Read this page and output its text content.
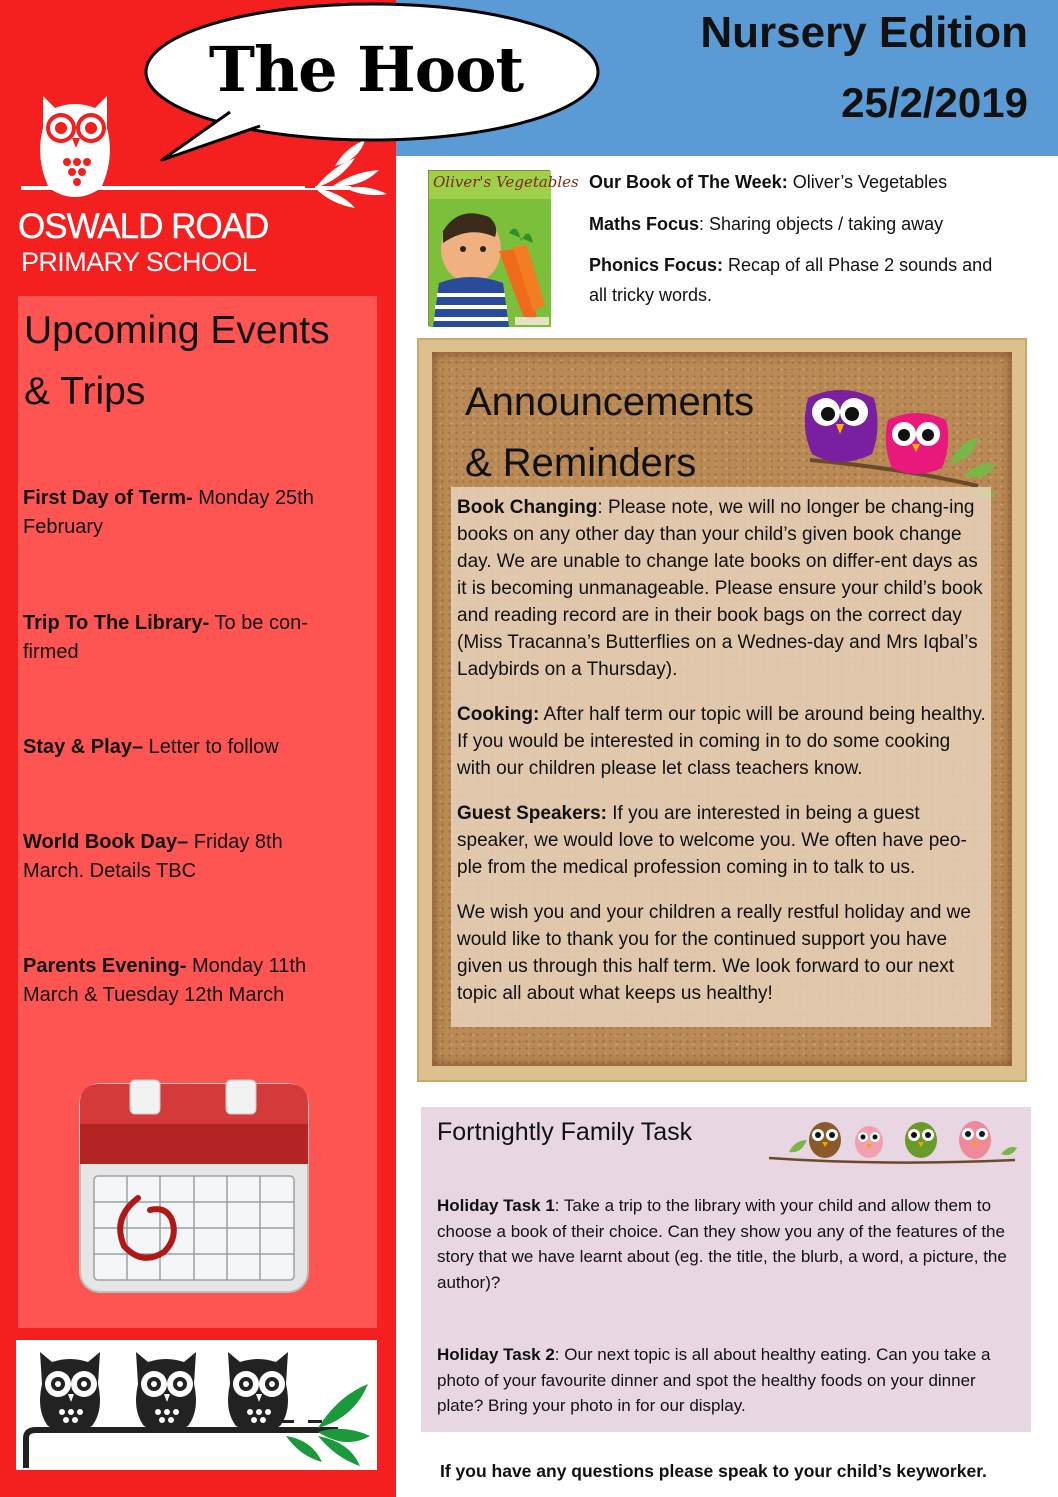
OSWALD ROAD
PRIMARY SCHOOL
Upcoming Events
& Trips
First Day of Term- Monday 25th
February
Trip To The Library- To be con-
firmed
Stay & Play– Letter to follow
World Book Day– Friday 8th
March. Details TBC
Parents Evening- Monday 11th
March & Tuesday 12th March
Nursery Edition
25/2/2019
The Hoot
Oliver's Vegetables Our Book of The Week: Oliver’s Vegetables
Maths Focus: Sharing objects / taking away
Phonics Focus: Recap of all Phase 2 sounds and
all tricky words.
Announcements
& Reminders

Book Changing: Please note, we will no longer be chang-ing books on any other day than your child’s given book change day. We are unable to change late books on differ-ent days as it is becoming unmanageable. Please ensure your child’s book and reading record are in their book bags on the correct day (Miss Tracanna’s Butterflies on a Wednes-day and Mrs Iqbal’s Ladybirds on a Thursday).

Cooking: After half term our topic will be around being healthy. If you would be interested in coming in to do some cooking with our children please let class teachers know.

Guest Speakers: If you are interested in being a guest speaker, we would love to welcome you. We often have peo-ple from the medical profession coming in to talk to us.

We wish you and your children a really restful holiday and we would like to thank you for the continued support you have given us through this half term. We look forward to our next topic all about what keeps us healthy!

Fortnightly Family Task
Holiday Task 1: Take a trip to the library with your child and allow them to choose a book of their choice. Can they show you any of the features of the story that we have learnt about (eg. the title, the blurb, a word, a picture, the author)?
Holiday Task 2: Our next topic is all about healthy eating. Can you take a photo of your favourite dinner and spot the healthy foods on your dinner plate? Bring your photo in for our display.
If you have any questions please speak to your child’s keyworker.
